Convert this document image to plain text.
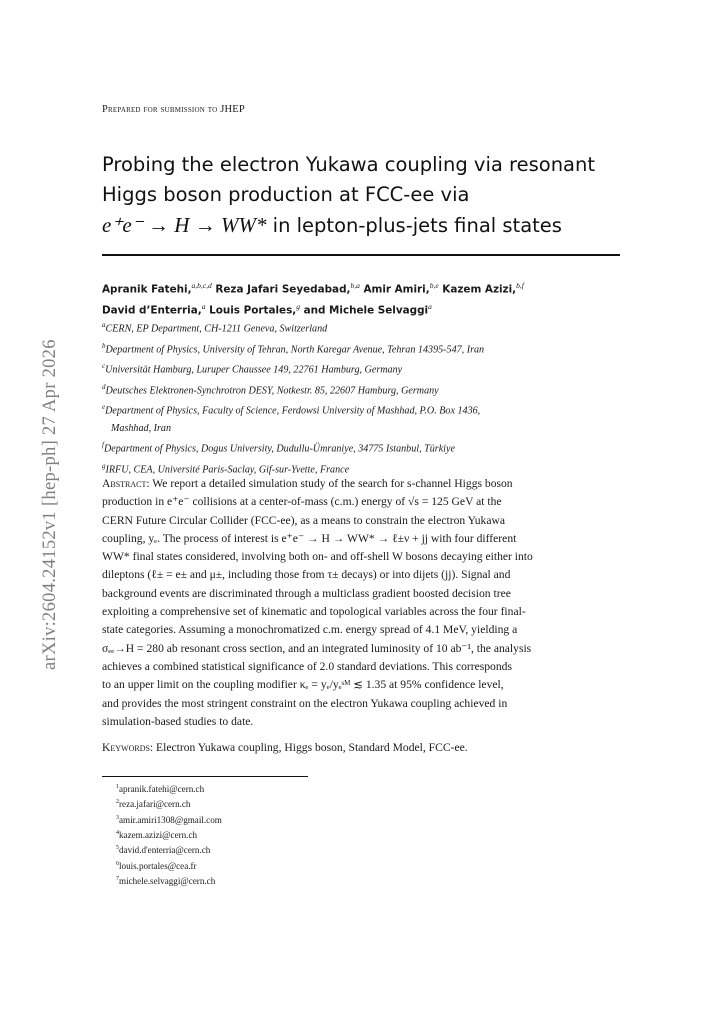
arXiv:2604.24152v1 [hep-ph] 27 Apr 2026
Prepared for submission to JHEP
Probing the electron Yukawa coupling via resonant
Higgs boson production at FCC-ee via
e⁺e⁻ → H → WW* in lepton-plus-jets final states
Apranik Fatehi,$^{a,b,c,d}$ Reza Jafari Seyedabad,$^{b,a}$ Amir Amiri,$^{b,e}$ Kazem Azizi,$^{b,f}$
David d’Enterria,$^a$ Louis Portales,$^g$ and Michele Selvaggi$^a$
$^a$CERN, EP Department, CH-1211 Geneva, Switzerland
$^b$Department of Physics, University of Tehran, North Karegar Avenue, Tehran 14395-547, Iran
$^c$Universität Hamburg, Luruper Chaussee 149, 22761 Hamburg, Germany
$^d$Deutsches Elektronen-Synchrotron DESY, Notkestr. 85, 22607 Hamburg, Germany
$^e$Department of Physics, Faculty of Science, Ferdowsi University of Mashhad, P.O. Box 1436,
Mashhad, Iran
$^f$Department of Physics, Dogus University, Dudullu-Ümraniye, 34775 Istanbul, Türkiye
$^g$IRFU, CEA, Université Paris-Saclay, Gif-sur-Yvette, France
Abstract: We report a detailed simulation study of the search for s-channel Higgs boson
production in e⁺e⁻ collisions at a center-of-mass (c.m.) energy of √s = 125 GeV at the
CERN Future Circular Collider (FCC-ee), as a means to constrain the electron Yukawa
coupling, yₑ. The process of interest is e⁺e⁻ → H → WW* → ℓ±ν + jj with four different
WW* final states considered, involving both on- and off-shell W bosons decaying either into
dileptons (ℓ± = e± and μ±, including those from τ± decays) or into dijets (jj). Signal and
background events are discriminated through a multiclass gradient boosted decision tree
exploiting a comprehensive set of kinematic and topological variables across the four final-
state categories. Assuming a monochromatized c.m. energy spread of 4.1 MeV, yielding a
σₑₑ→H = 280 ab resonant cross section, and an integrated luminosity of 10 ab⁻¹, the analysis
achieves a combined statistical significance of 2.0 standard deviations. This corresponds
to an upper limit on the coupling modifier κₑ = yₑ/yₑˢᴹ ≲ 1.35 at 95% confidence level,
and provides the most stringent constraint on the electron Yukawa coupling achieved in
simulation-based studies to date.
Keywords: Electron Yukawa coupling, Higgs boson, Standard Model, FCC-ee.
$^1$apranik.fatehi@cern.ch
$^2$reza.jafari@cern.ch
$^3$amir.amiri1308@gmail.com
$^4$kazem.azizi@cern.ch
$^5$david.d'enterria@cern.ch
$^6$louis.portales@cea.fr
$^7$michele.selvaggi@cern.ch
